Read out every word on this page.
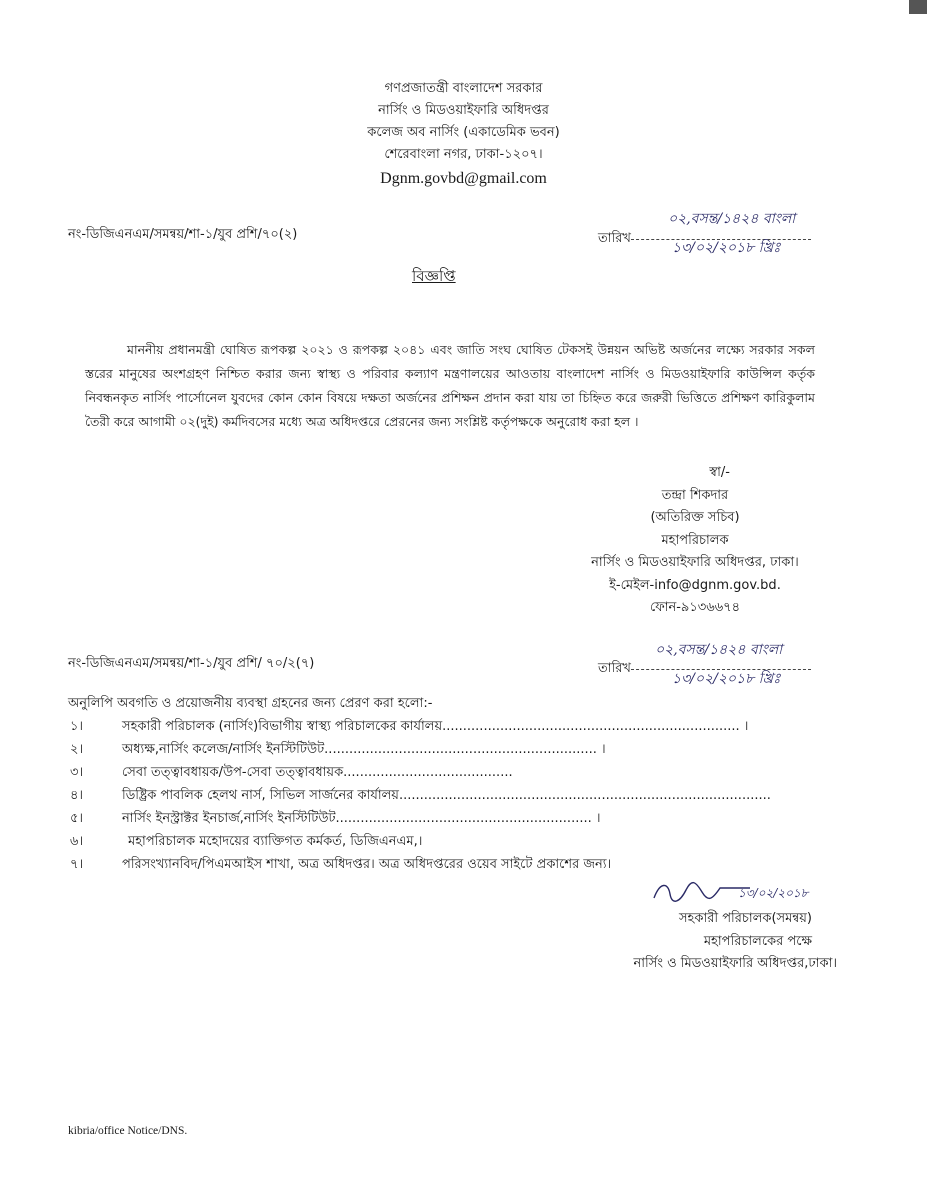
গণপ্রজাতন্ত্রী বাংলাদেশ সরকার
নার্সিং ও মিডওয়াইফারি অধিদপ্তর
কলেজ অব নার্সিং (একাডেমিক ভবন)
শেরেবাংলা নগর, ঢাকা-১২০৭।
Dgnm.govbd@gmail.com
নং-ডিজিএনএম/সমন্বয়/শা-১/যুব প্রশি/৭০(২)
০২,বসন্ত/১৪২৪ বাংলা
তারিখ
১৩/০২/২০১৮ খ্রিঃ
বিজ্ঞপ্তি

মাননীয় প্রধানমন্ত্রী ঘোষিত রূপকল্প ২০২১ ও রূপকল্প ২০৪১ এবং জাতি সংঘ ঘোষিত টেকসই উন্নয়ন অভিষ্ট অর্জনের লক্ষ্যে সরকার সকল স্তরের মানুষের অংশগ্রহণ নিশ্চিত করার জন্য স্বাস্থ্য ও পরিবার কল্যাণ মন্ত্রণালয়ের আওতায় বাংলাদেশ নার্সিং ও মিডওয়াইফারি কাউন্সিল কর্তৃক নিবন্ধনকৃত নার্সিং পার্সোনেল যুবদের কোন কোন বিষয়ে দক্ষতা অর্জনের প্রশিক্ষন প্রদান করা যায় তা চিহ্নিত করে জরুরী ভিত্তিতে প্রশিক্ষণ কারিকুলাম তৈরী করে আগামী ০২(দুই) কর্মদিবসের মধ্যে অত্র অধিদপ্তরে প্রেরনের জন্য সংশ্লিষ্ট কর্তৃপক্ষকে অনুরোধ করা হল ।

স্বা/-
তন্দ্রা শিকদার
(অতিরিক্ত সচিব)
মহাপরিচালক
নার্সিং ও মিডওয়াইফারি অধিদপ্তর, ঢাকা।
ই-মেইল-info@dgnm.gov.bd.
ফোন-৯১৩৬৬৭৪
নং-ডিজিএনএম/সমন্বয়/শা-১/যুব প্রশি/ ৭০/২(৭)
০২,বসন্ত/১৪২৪ বাংলা
তারিখ
১৩/০২/২০১৮ খ্রিঃ
অনুলিপি অবগতি ও প্রয়োজনীয় ব্যবস্থা গ্রহনের জন্য প্রেরণ করা হলো:-
১।	সহকারী পরিচালক (নার্সিং)বিভাগীয় স্বাস্থ্য পরিচালকের কার্যালয়........................................................................ ।
২।	অধ্যক্ষ,নার্সিং কলেজ/নার্সিং ইনস্টিটিউট.................................................................. ।
৩।	সেবা তত্ত্বাবধায়ক/উপ-সেবা তত্ত্বাবধায়ক.........................................
৪।	ডিষ্ট্রিক পাবলিক হেলথ নার্স, সিভিল সার্জনের কার্যালয়..........................................................................................
৫।	নার্সিং ইনস্ট্রাক্টর ইনচার্জ,নার্সিং ইনস্টিটিউট.............................................................. ।
৬।	মহাপরিচালক মহোদয়ের ব্যাক্তিগত কর্মকর্ত, ডিজিএনএম,।
৭।	পরিসংখ্যানবিদ/পিএমআইস শাখা, অত্র অধিদপ্তর। অত্র অধিদপ্তরের ওয়েব সাইটে প্রকাশের জন্য।
১৩/০২/২০১৮
সহকারী পরিচালক(সমন্বয়)
মহাপরিচালকের পক্ষে
নার্সিং ও মিডওয়াইফারি অধিদপ্তর,ঢাকা।
kibria/office Notice/DNS.
